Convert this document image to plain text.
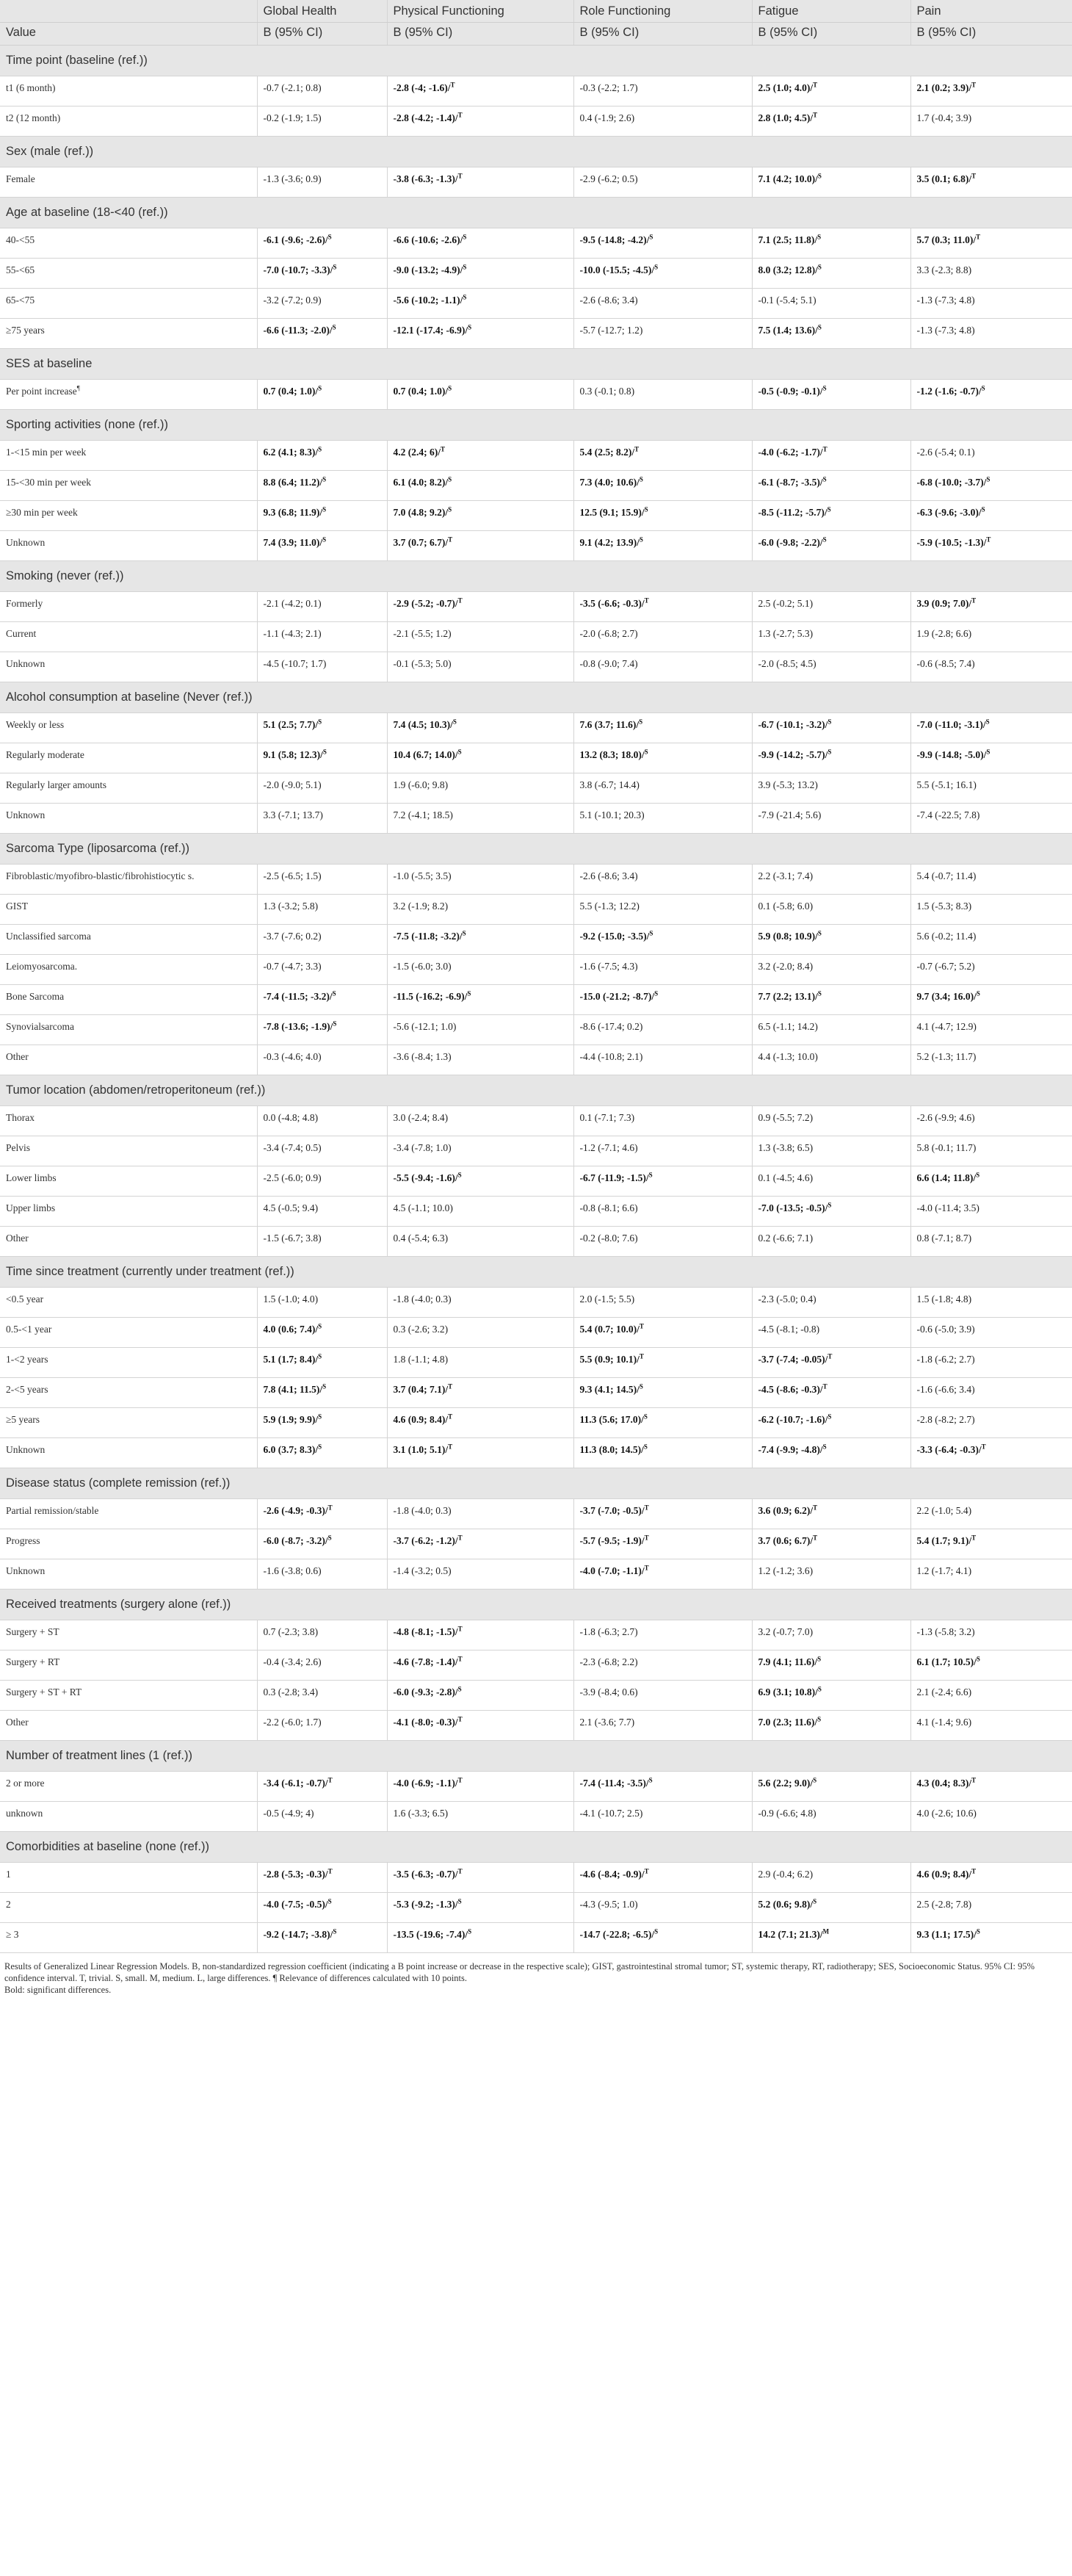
	Global Health	Physical Functioning	Role Functioning	Fatigue	Pain
Value	B (95% CI)	B (95% CI)	B (95% CI)	B (95% CI)	B (95% CI)
Time point (baseline (ref.))					
t1 (6 month)	-0.7 (-2.1; 0.8)	-2.8 (-4; -1.6)/$^T$	-0.3 (-2.2; 1.7)	2.5 (1.0; 4.0)/$^T$	2.1 (0.2; 3.9)/$^T$
t2 (12 month)	-0.2 (-1.9; 1.5)	-2.8 (-4.2; -1.4)/$^T$	0.4 (-1.9; 2.6)	2.8 (1.0; 4.5)/$^T$	1.7 (-0.4; 3.9)
Sex (male (ref.))					
Female	-1.3 (-3.6; 0.9)	-3.8 (-6.3; -1.3)/$^T$	-2.9 (-6.2; 0.5)	7.1 (4.2; 10.0)/$^S$	3.5 (0.1; 6.8)/$^T$
Age at baseline (18-<40 (ref.))					
40-<55	-6.1 (-9.6; -2.6)/$^S$	-6.6 (-10.6; -2.6)/$^S$	-9.5 (-14.8; -4.2)/$^S$	7.1 (2.5; 11.8)/$^S$	5.7 (0.3; 11.0)/$^T$
55-<65	-7.0 (-10.7; -3.3)/$^S$	-9.0 (-13.2; -4.9)/$^S$	-10.0 (-15.5; -4.5)/$^S$	8.0 (3.2; 12.8)/$^S$	3.3 (-2.3; 8.8)
65-<75	-3.2 (-7.2; 0.9)	-5.6 (-10.2; -1.1)/$^S$	-2.6 (-8.6; 3.4)	-0.1 (-5.4; 5.1)	-1.3 (-7.3; 4.8)
≥75 years	-6.6 (-11.3; -2.0)/$^S$	-12.1 (-17.4; -6.9)/$^S$	-5.7 (-12.7; 1.2)	7.5 (1.4; 13.6)/$^S$	-1.3 (-7.3; 4.8)
SES at baseline					
Per point increase¶	0.7 (0.4; 1.0)/$^S$	0.7 (0.4; 1.0)/$^S$	0.3 (-0.1; 0.8)	-0.5 (-0.9; -0.1)/$^S$	-1.2 (-1.6; -0.7)/$^S$
Sporting activities (none (ref.))					
1-<15 min per week	6.2 (4.1; 8.3)/$^S$	4.2 (2.4; 6)/$^T$	5.4 (2.5; 8.2)/$^T$	-4.0 (-6.2; -1.7)/$^T$	-2.6 (-5.4; 0.1)
15-<30 min per week	8.8 (6.4; 11.2)/$^S$	6.1 (4.0; 8.2)/$^S$	7.3 (4.0; 10.6)/$^S$	-6.1 (-8.7; -3.5)/$^S$	-6.8 (-10.0; -3.7)/$^S$
≥30 min per week	9.3 (6.8; 11.9)/$^S$	7.0 (4.8; 9.2)/$^S$	12.5 (9.1; 15.9)/$^S$	-8.5 (-11.2; -5.7)/$^S$	-6.3 (-9.6; -3.0)/$^S$
Unknown	7.4 (3.9; 11.0)/$^S$	3.7 (0.7; 6.7)/$^T$	9.1 (4.2; 13.9)/$^S$	-6.0 (-9.8; -2.2)/$^S$	-5.9 (-10.5; -1.3)/$^T$
Smoking (never (ref.))					
Formerly	-2.1 (-4.2; 0.1)	-2.9 (-5.2; -0.7)/$^T$	-3.5 (-6.6; -0.3)/$^T$	2.5 (-0.2; 5.1)	3.9 (0.9; 7.0)/$^T$
Current	-1.1 (-4.3; 2.1)	-2.1 (-5.5; 1.2)	-2.0 (-6.8; 2.7)	1.3 (-2.7; 5.3)	1.9 (-2.8; 6.6)
Unknown	-4.5 (-10.7; 1.7)	-0.1 (-5.3; 5.0)	-0.8 (-9.0; 7.4)	-2.0 (-8.5; 4.5)	-0.6 (-8.5; 7.4)
Alcohol consumption at baseline (Never (ref.))					
Weekly or less	5.1 (2.5; 7.7)/$^S$	7.4 (4.5; 10.3)/$^S$	7.6 (3.7; 11.6)/$^S$	-6.7 (-10.1; -3.2)/$^S$	-7.0 (-11.0; -3.1)/$^S$
Regularly moderate	9.1 (5.8; 12.3)/$^S$	10.4 (6.7; 14.0)/$^S$	13.2 (8.3; 18.0)/$^S$	-9.9 (-14.2; -5.7)/$^S$	-9.9 (-14.8; -5.0)/$^S$
Regularly larger amounts	-2.0 (-9.0; 5.1)	1.9 (-6.0; 9.8)	3.8 (-6.7; 14.4)	3.9 (-5.3; 13.2)	5.5 (-5.1; 16.1)
Unknown	3.3 (-7.1; 13.7)	7.2 (-4.1; 18.5)	5.1 (-10.1; 20.3)	-7.9 (-21.4; 5.6)	-7.4 (-22.5; 7.8)
Sarcoma Type (liposarcoma (ref.))					
Fibroblastic/myofibro-blastic/fibrohistiocytic s.	-2.5 (-6.5; 1.5)	-1.0 (-5.5; 3.5)	-2.6 (-8.6; 3.4)	2.2 (-3.1; 7.4)	5.4 (-0.7; 11.4)
GIST	1.3 (-3.2; 5.8)	3.2 (-1.9; 8.2)	5.5 (-1.3; 12.2)	0.1 (-5.8; 6.0)	1.5 (-5.3; 8.3)
Unclassified sarcoma	-3.7 (-7.6; 0.2)	-7.5 (-11.8; -3.2)/$^S$	-9.2 (-15.0; -3.5)/$^S$	5.9 (0.8; 10.9)/$^S$	5.6 (-0.2; 11.4)
Leiomyosarcoma.	-0.7 (-4.7; 3.3)	-1.5 (-6.0; 3.0)	-1.6 (-7.5; 4.3)	3.2 (-2.0; 8.4)	-0.7 (-6.7; 5.2)
Bone Sarcoma	-7.4 (-11.5; -3.2)/$^S$	-11.5 (-16.2; -6.9)/$^S$	-15.0 (-21.2; -8.7)/$^S$	7.7 (2.2; 13.1)/$^S$	9.7 (3.4; 16.0)/$^S$
Synovialsarcoma	-7.8 (-13.6; -1.9)/$^S$	-5.6 (-12.1; 1.0)	-8.6 (-17.4; 0.2)	6.5 (-1.1; 14.2)	4.1 (-4.7; 12.9)
Other	-0.3 (-4.6; 4.0)	-3.6 (-8.4; 1.3)	-4.4 (-10.8; 2.1)	4.4 (-1.3; 10.0)	5.2 (-1.3; 11.7)
Tumor location (abdomen/retroperitoneum (ref.))					
Thorax	0.0 (-4.8; 4.8)	3.0 (-2.4; 8.4)	0.1 (-7.1; 7.3)	0.9 (-5.5; 7.2)	-2.6 (-9.9; 4.6)
Pelvis	-3.4 (-7.4; 0.5)	-3.4 (-7.8; 1.0)	-1.2 (-7.1; 4.6)	1.3 (-3.8; 6.5)	5.8 (-0.1; 11.7)
Lower limbs	-2.5 (-6.0; 0.9)	-5.5 (-9.4; -1.6)/$^S$	-6.7 (-11.9; -1.5)/$^S$	0.1 (-4.5; 4.6)	6.6 (1.4; 11.8)/$^S$
Upper limbs	4.5 (-0.5; 9.4)	4.5 (-1.1; 10.0)	-0.8 (-8.1; 6.6)	-7.0 (-13.5; -0.5)/$^S$	-4.0 (-11.4; 3.5)
Other	-1.5 (-6.7; 3.8)	0.4 (-5.4; 6.3)	-0.2 (-8.0; 7.6)	0.2 (-6.6; 7.1)	0.8 (-7.1; 8.7)
Time since treatment (currently under treatment (ref.))					
<0.5 year	1.5 (-1.0; 4.0)	-1.8 (-4.0; 0.3)	2.0 (-1.5; 5.5)	-2.3 (-5.0; 0.4)	1.5 (-1.8; 4.8)
0.5-<1 year	4.0 (0.6; 7.4)/$^S$	0.3 (-2.6; 3.2)	5.4 (0.7; 10.0)/$^T$	-4.5 (-8.1; -0.8)	-0.6 (-5.0; 3.9)
1-<2 years	5.1 (1.7; 8.4)/$^S$	1.8 (-1.1; 4.8)	5.5 (0.9; 10.1)/$^T$	-3.7 (-7.4; -0.05)/$^T$	-1.8 (-6.2; 2.7)
2-<5 years	7.8 (4.1; 11.5)/$^S$	3.7 (0.4; 7.1)/$^T$	9.3 (4.1; 14.5)/$^S$	-4.5 (-8.6; -0.3)/$^T$	-1.6 (-6.6; 3.4)
≥5 years	5.9 (1.9; 9.9)/$^S$	4.6 (0.9; 8.4)/$^T$	11.3 (5.6; 17.0)/$^S$	-6.2 (-10.7; -1.6)/$^S$	-2.8 (-8.2; 2.7)
Unknown	6.0 (3.7; 8.3)/$^S$	3.1 (1.0; 5.1)/$^T$	11.3 (8.0; 14.5)/$^S$	-7.4 (-9.9; -4.8)/$^S$	-3.3 (-6.4; -0.3)/$^T$
Disease status (complete remission (ref.))					
Partial remission/stable	-2.6 (-4.9; -0.3)/$^T$	-1.8 (-4.0; 0.3)	-3.7 (-7.0; -0.5)/$^T$	3.6 (0.9; 6.2)/$^T$	2.2 (-1.0; 5.4)
Progress	-6.0 (-8.7; -3.2)/$^S$	-3.7 (-6.2; -1.2)/$^T$	-5.7 (-9.5; -1.9)/$^T$	3.7 (0.6; 6.7)/$^T$	5.4 (1.7; 9.1)/$^T$
Unknown	-1.6 (-3.8; 0.6)	-1.4 (-3.2; 0.5)	-4.0 (-7.0; -1.1)/$^T$	1.2 (-1.2; 3.6)	1.2 (-1.7; 4.1)
Received treatments (surgery alone (ref.))					
Surgery + ST	0.7 (-2.3; 3.8)	-4.8 (-8.1; -1.5)/$^T$	-1.8 (-6.3; 2.7)	3.2 (-0.7; 7.0)	-1.3 (-5.8; 3.2)
Surgery + RT	-0.4 (-3.4; 2.6)	-4.6 (-7.8; -1.4)/$^T$	-2.3 (-6.8; 2.2)	7.9 (4.1; 11.6)/$^S$	6.1 (1.7; 10.5)/$^S$
Surgery + ST + RT	0.3 (-2.8; 3.4)	-6.0 (-9.3; -2.8)/$^S$	-3.9 (-8.4; 0.6)	6.9 (3.1; 10.8)/$^S$	2.1 (-2.4; 6.6)
Other	-2.2 (-6.0; 1.7)	-4.1 (-8.0; -0.3)/$^T$	2.1 (-3.6; 7.7)	7.0 (2.3; 11.6)/$^S$	4.1 (-1.4; 9.6)
Number of treatment lines (1 (ref.))					
2 or more	-3.4 (-6.1; -0.7)/$^T$	-4.0 (-6.9; -1.1)/$^T$	-7.4 (-11.4; -3.5)/$^S$	5.6 (2.2; 9.0)/$^S$	4.3 (0.4; 8.3)/$^T$
unknown	-0.5 (-4.9; 4)	1.6 (-3.3; 6.5)	-4.1 (-10.7; 2.5)	-0.9 (-6.6; 4.8)	4.0 (-2.6; 10.6)
Comorbidities at baseline (none (ref.))					
1	-2.8 (-5.3; -0.3)/$^T$	-3.5 (-6.3; -0.7)/$^T$	-4.6 (-8.4; -0.9)/$^T$	2.9 (-0.4; 6.2)	4.6 (0.9; 8.4)/$^T$
2	-4.0 (-7.5; -0.5)/$^S$	-5.3 (-9.2; -1.3)/$^S$	-4.3 (-9.5; 1.0)	5.2 (0.6; 9.8)/$^S$	2.5 (-2.8; 7.8)
≥ 3	-9.2 (-14.7; -3.8)/$^S$	-13.5 (-19.6; -7.4)/$^S$	-14.7 (-22.8; -6.5)/$^S$	14.2 (7.1; 21.3)/$^M$	9.3 (1.1; 17.5)/$^S$

Results of Generalized Linear Regression Models. B, non-standardized regression coefficient (indicating a B point increase or decrease in the respective scale); GIST, gastrointestinal stromal tumor; ST, systemic therapy, RT, radiotherapy; SES, Socioeconomic Status. 95% CI: 95% confidence interval. T, trivial. S, small. M, medium. L, large differences. ¶ Relevance of differences calculated with 10 points.

Bold: significant differences.
